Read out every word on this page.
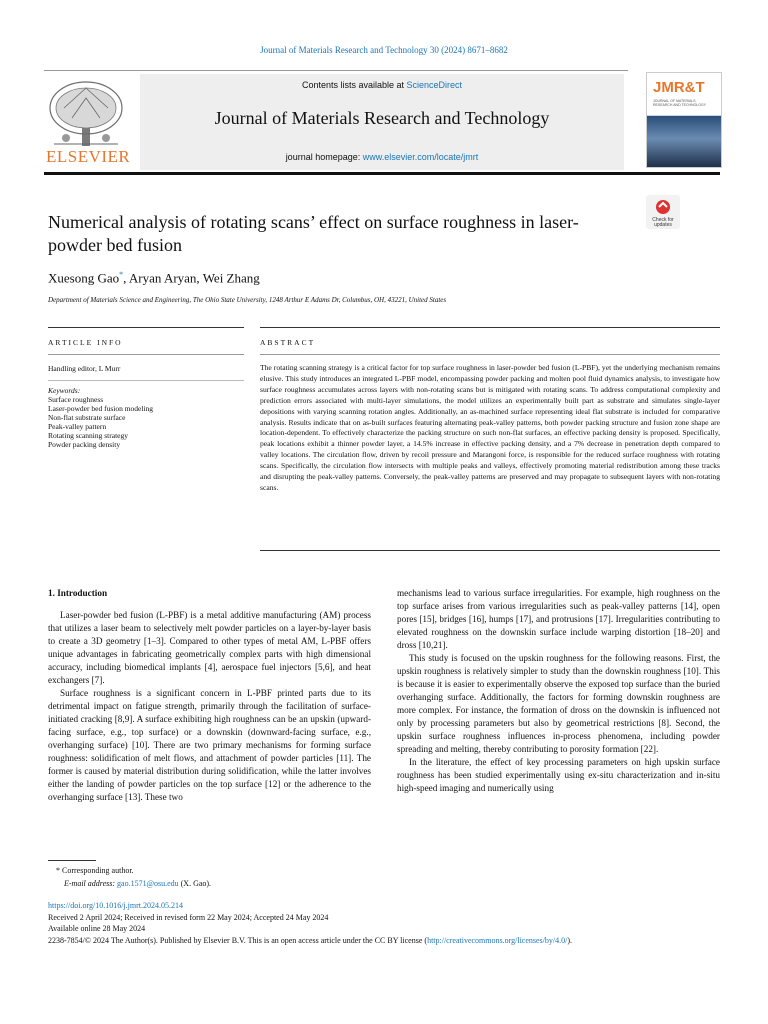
Journal of Materials Research and Technology 30 (2024) 8671–8682
ELSEVIER
Contents lists available at ScienceDirect
Journal of Materials Research and Technology
journal homepage: www.elsevier.com/locate/jmrt
JMR&T
JOURNAL OF MATERIALS RESEARCH AND TECHNOLOGY
Numerical analysis of rotating scans’ effect on surface roughness in laser-powder bed fusion
Check for
updates
Xuesong Gao*, Aryan Aryan, Wei Zhang
Department of Materials Science and Engineering, The Ohio State University, 1248 Arthur E Adams Dr, Columbus, OH, 43221, United States
ARTICLE INFO	ABSTRACT
Handling editor, L Murr
Keywords:
Surface roughness
Laser-powder bed fusion modeling
Non-flat substrate surface
Peak-valley pattern
Rotating scanning strategy
Powder packing density
The rotating scanning strategy is a critical factor for top surface roughness in laser-powder bed fusion (L-PBF), yet the underlying mechanism remains elusive. This study introduces an integrated L-PBF model, encompassing powder packing and molten pool fluid dynamics analysis, to investigate how surface roughness accumulates across layers with non-rotating scans but is mitigated with rotating scans. To address computational complexity and prediction errors associated with multi-layer simulations, the model utilizes an experimentally built part as substrate and simulates single-layer depositions with varying scanning rotation angles. Additionally, an as-machined surface representing ideal flat substrate is included for comparative analysis. Results indicate that on as-built surfaces featuring alternating peak-valley patterns, both powder packing structure and fusion zone shape are location-dependent. To effectively characterize the packing structure on such non-flat surfaces, an effective packing density is proposed. Specifically, peak locations exhibit a thinner powder layer, a 14.5% increase in effective packing density, and a 7% decrease in penetration depth compared to valley locations. The circulation flow, driven by recoil pressure and Marangoni force, is responsible for the reduced surface roughness with rotating scans. Specifically, the circulation flow intersects with multiple peaks and valleys, effectively promoting material redistribution among these tracks and disrupting the peak-valley patterns. Conversely, the peak-valley patterns are preserved and may propagate to subsequent layers with non-rotating scans.
1. Introduction

Laser-powder bed fusion (L-PBF) is a metal additive manufacturing (AM) process that utilizes a laser beam to selectively melt powder particles on a layer-by-layer basis to create a 3D geometry [1–3]. Compared to other types of metal AM, L-PBF offers unique advantages in fabricating geometrically complex parts with high dimensional accuracy, including biomedical implants [4], aerospace fuel injectors [5,6], and heat exchangers [7].

Surface roughness is a significant concern in L-PBF printed parts due to its detrimental impact on fatigue strength, primarily through the facilitation of surface-initiated cracking [8,9]. A surface exhibiting high roughness can be an upskin (upward-facing surface, e.g., top surface) or a downskin (downward-facing surface, e.g., overhanging surface) [10]. There are two primary mechanisms for forming surface roughness: solidification of melt flows, and attachment of powder particles [11]. The former is caused by material distribution during solidification, while the latter involves either the landing of powder particles on the top surface [12] or the adherence to the overhanging surface [13]. These two

mechanisms lead to various surface irregularities. For example, high roughness on the top surface arises from various irregularities such as peak-valley patterns [14], open pores [15], bridges [16], humps [17], and protrusions [17]. Irregularities contributing to elevated roughness on the downskin surface include warping distortion [18–20] and dross [10,21].

This study is focused on the upskin roughness for the following reasons. First, the upskin roughness is relatively simpler to study than the downskin roughness [10]. This is because it is easier to experimentally observe the exposed top surface than the buried overhanging surface. Additionally, the factors for forming downskin roughness are more complex. For instance, the formation of dross on the downskin is influenced not only by processing parameters but also by geometrical restrictions [8]. Second, the upskin surface roughness influences in-process phenomena, including powder spreading and melting, thereby contributing to porosity formation [22].

In the literature, the effect of key processing parameters on high upskin surface roughness has been studied experimentally using ex-situ characterization and in-situ high-speed imaging and numerically using

* Corresponding author.
E-mail address: gao.1571@osu.edu (X. Gao).
https://doi.org/10.1016/j.jmrt.2024.05.214
Received 2 April 2024; Received in revised form 22 May 2024; Accepted 24 May 2024
Available online 28 May 2024
2238-7854/© 2024 The Author(s). Published by Elsevier B.V. This is an open access article under the CC BY license (http://creativecommons.org/licenses/by/4.0/).
